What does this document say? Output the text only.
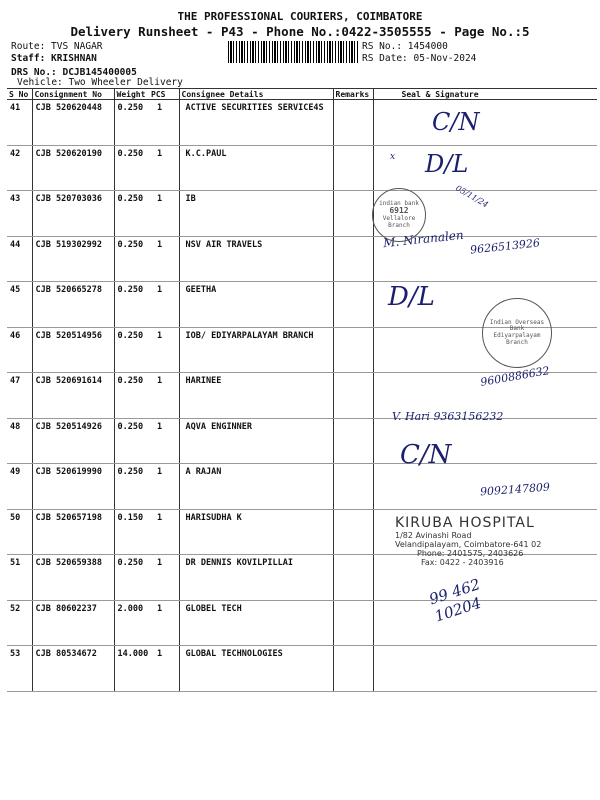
THE PROFESSIONAL COURIERS, COIMBATORE
Delivery Runsheet - P43 - Phone No.:0422-3505555 - Page No.:5
Route: TVS NAGAR
Staff: KRISHNAN
DRS No.: DCJB145400005
Vehicle: Two Wheeler Delivery
RS No.: 1454000
RS Date: 05-Nov-2024
S No	Consignment No	Weight	PCS	Consignee Details	Remarks	Seal & Signature
41	CJB 520620448	0.250	1	ACTIVE SECURITIES SERVICE4S		
42	CJB 520620190	0.250	1	K.C.PAUL		
43	CJB 520703036	0.250	1	IB		
44	CJB 519302992	0.250	1	NSV AIR TRAVELS		
45	CJB 520665278	0.250	1	GEETHA		
46	CJB 520514956	0.250	1	IOB/ EDIYARPALAYAM BRANCH		
47	CJB 520691614	0.250	1	HARINEE		
48	CJB 520514926	0.250	1	AQVA ENGINNER		
49	CJB 520619990	0.250	1	A RAJAN		
50	CJB 520657198	0.150	1	HARISUDHA K		
51	CJB 520659388	0.250	1	DR DENNIS KOVILPILLAI		
52	CJB 80602237	2.000	1	GLOBEL TECH		
53	CJB 80534672	14.000	1	GLOBAL TECHNOLOGIES		
C/N
x D/L
05/11/24
M. Niranalen 9626513926
D/L
9600886632
V. Hari 9363156232
C/N
9092147809
99 462 10204
indian bank
6912
Vellalore Branch
Indian Overseas Bank
Ediyarpalayam Branch
KIRUBA HOSPITAL
1/82 Avinashi Road
Velandipalayam, Coimbatore-641 02
Phone: 2401575, 2403626
Fax: 0422 - 2403916
